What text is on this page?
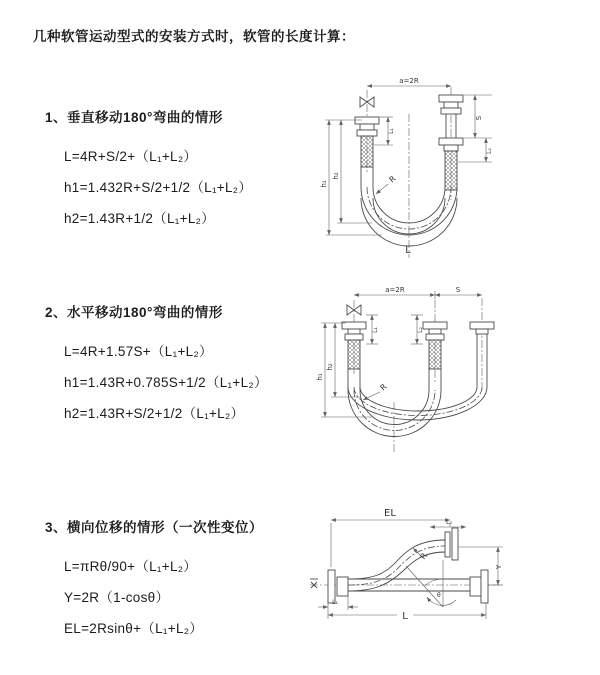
几种软管运动型式的安装方式时，软管的长度计算：
1、垂直移动180°弯曲的情形
L=4R+S/2+（L₁+L₂）
h1=1.432R+S/2+1/2（L₁+L₂）
h2=1.43R+1/2（L₁+L₂）
2、水平移动180°弯曲的情形
L=4R+1.57S+（L₁+L₂）
h1=1.43R+0.785S+1/2（L₁+L₂）
h2=1.43R+S/2+1/2（L₁+L₂）
3、横向位移的情形（一次性变位）
L=πRθ/90+（L₁+L₂）
Y=2R（1-cosθ）
EL=2Rsinθ+（L₁+L₂）
a=2R
L₁
S
L₂
h₁
h₂	R
L
a=2R	S
L₁	L₂
h₁
h₂
R
EL
L₂
Y
R
θ
L
L₁
